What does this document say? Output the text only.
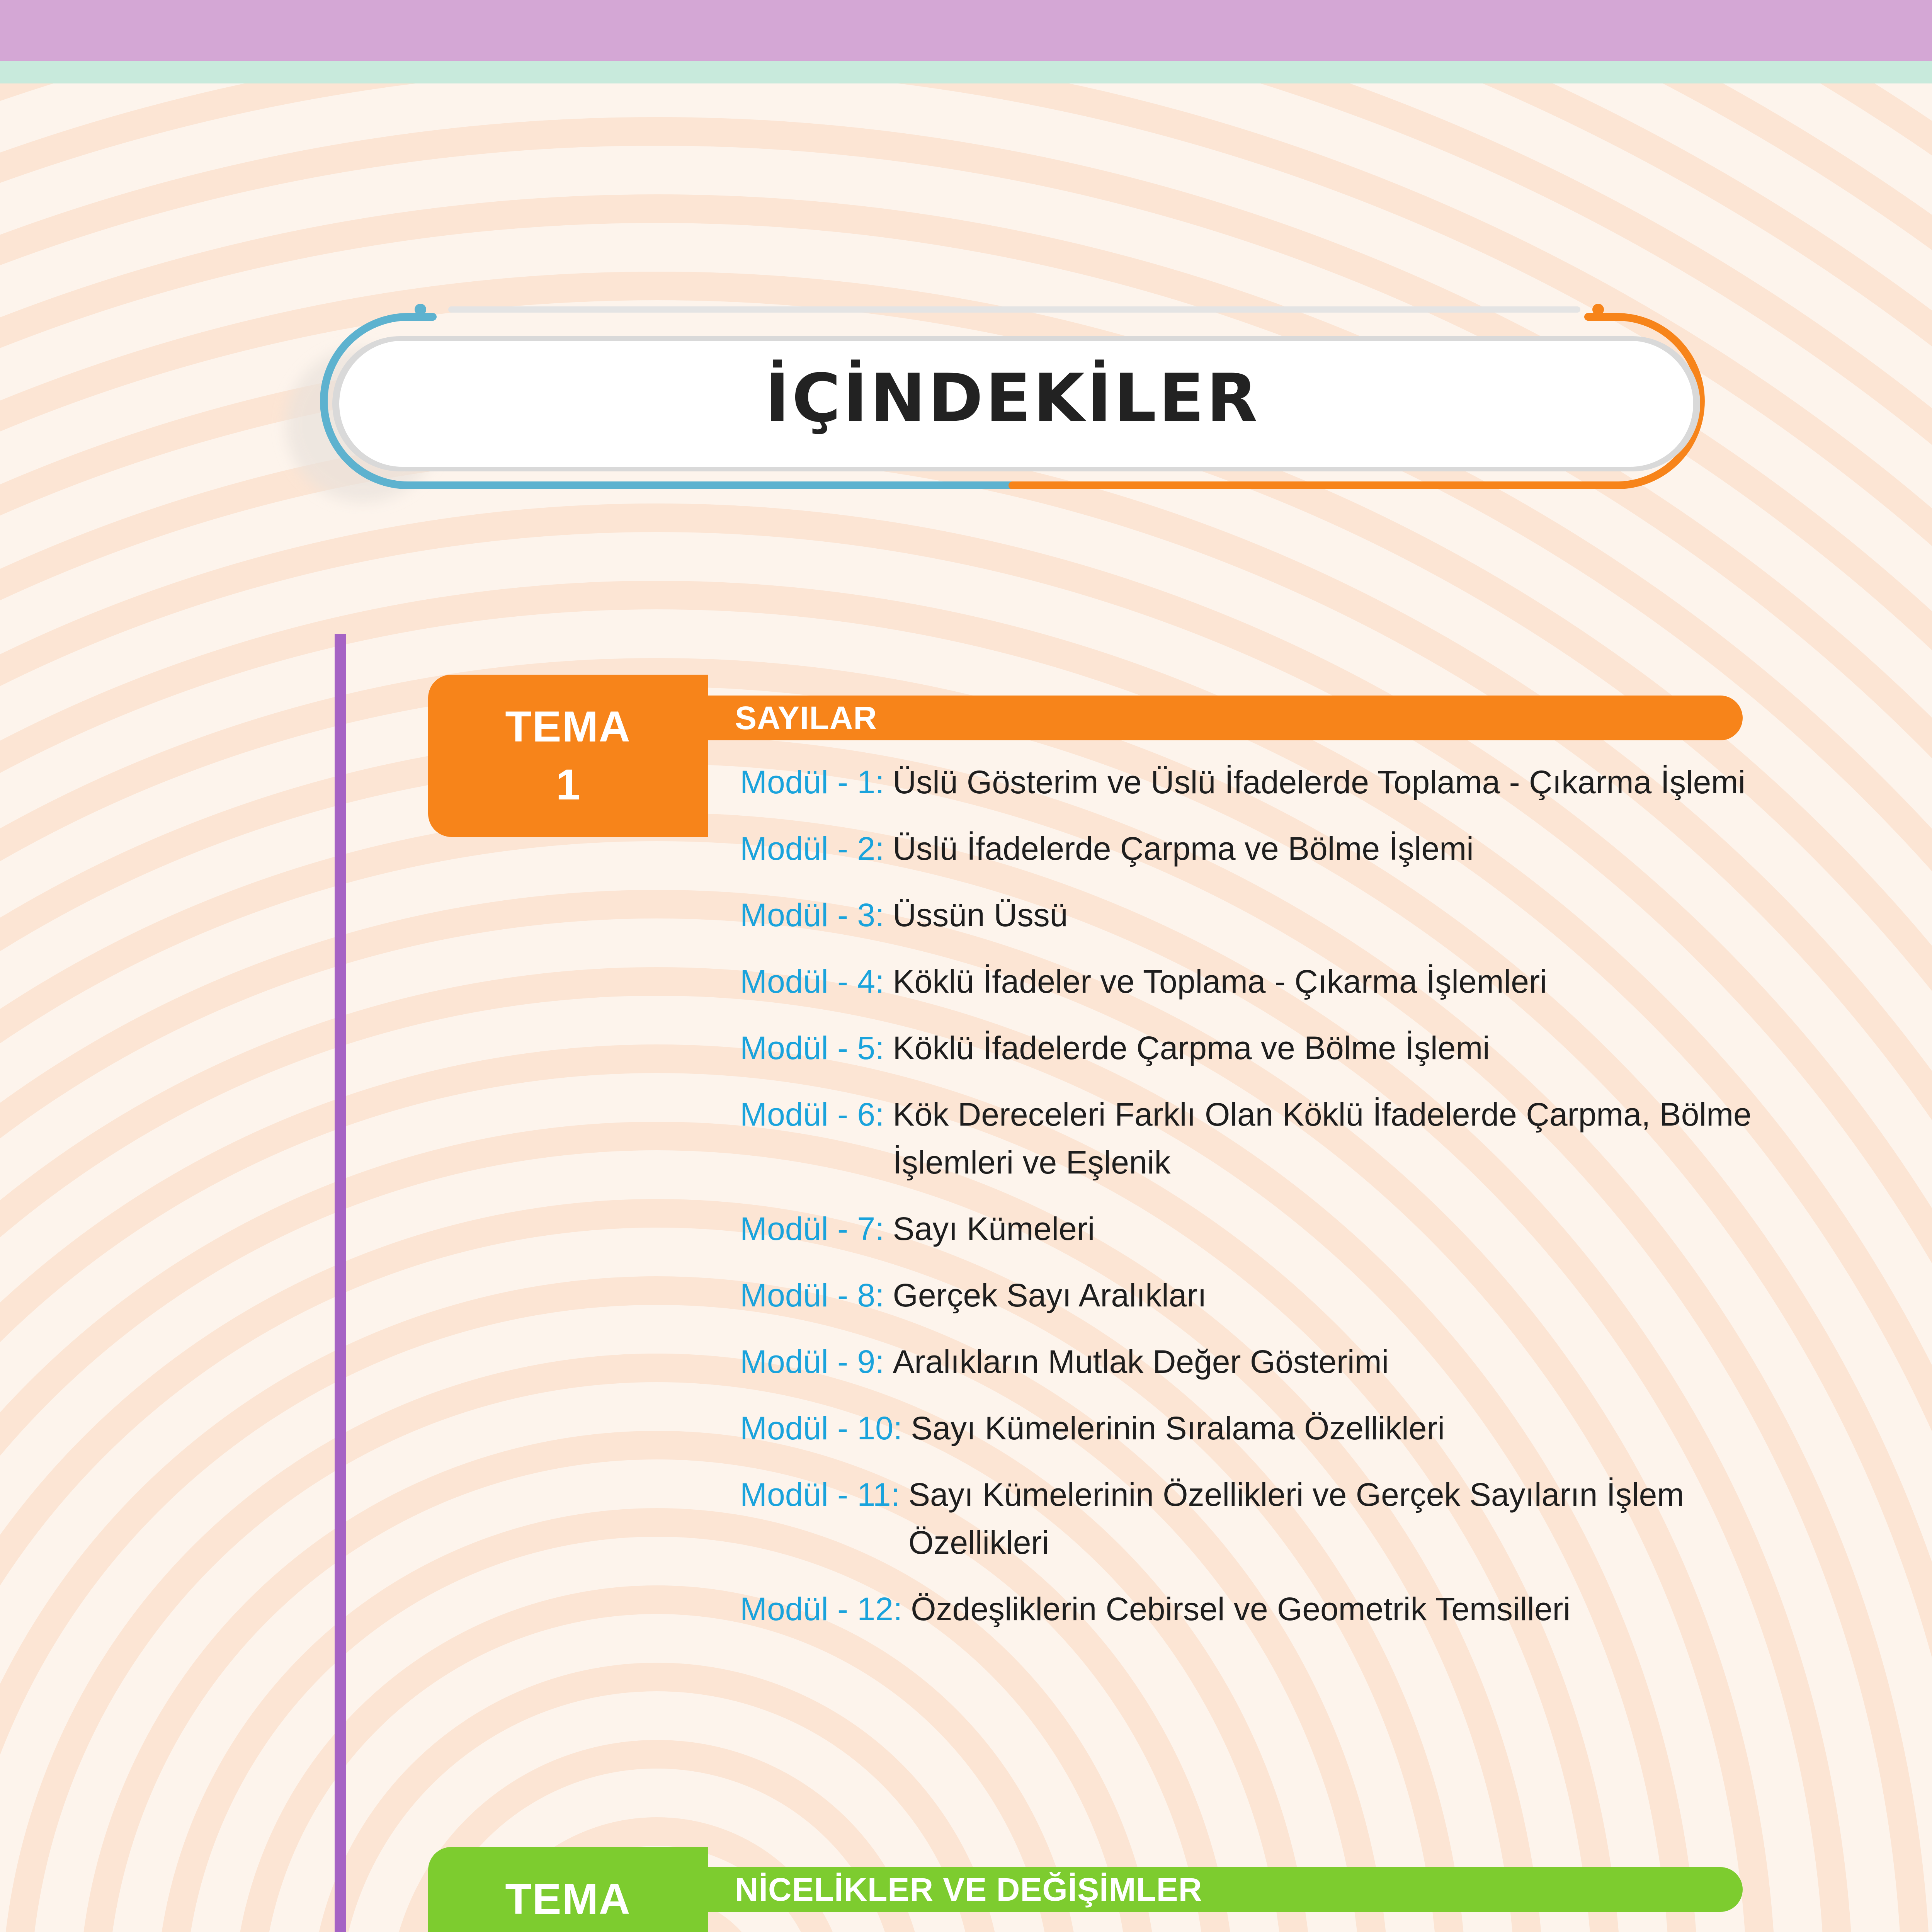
İÇİNDEKİLER
TEMA
1
SAYILAR
Modül - 1: Üslü Gösterim ve Üslü İfadelerde Toplama - Çıkarma İşlemi
Modül - 2: Üslü İfadelerde Çarpma ve Bölme İşlemi
Modül - 3: Üssün Üssü
Modül - 4: Köklü İfadeler ve Toplama - Çıkarma İşlemleri
Modül - 5: Köklü İfadelerde Çarpma ve Bölme İşlemi
Modül - 6: Kök Dereceleri Farklı Olan Köklü İfadelerde Çarpma, Bölme İşlemleri ve Eşlenik
Modül - 7: Sayı Kümeleri
Modül - 8: Gerçek Sayı Aralıkları
Modül - 9: Aralıkların Mutlak Değer Gösterimi
Modül - 10: Sayı Kümelerinin Sıralama Özellikleri
Modül - 11: Sayı Kümelerinin Özellikleri ve Gerçek Sayıların İşlem Özellikleri
Modül - 12: Özdeşliklerin Cebirsel ve Geometrik Temsilleri
TEMA	NİCELİKLER VE DEĞİŞİMLER
